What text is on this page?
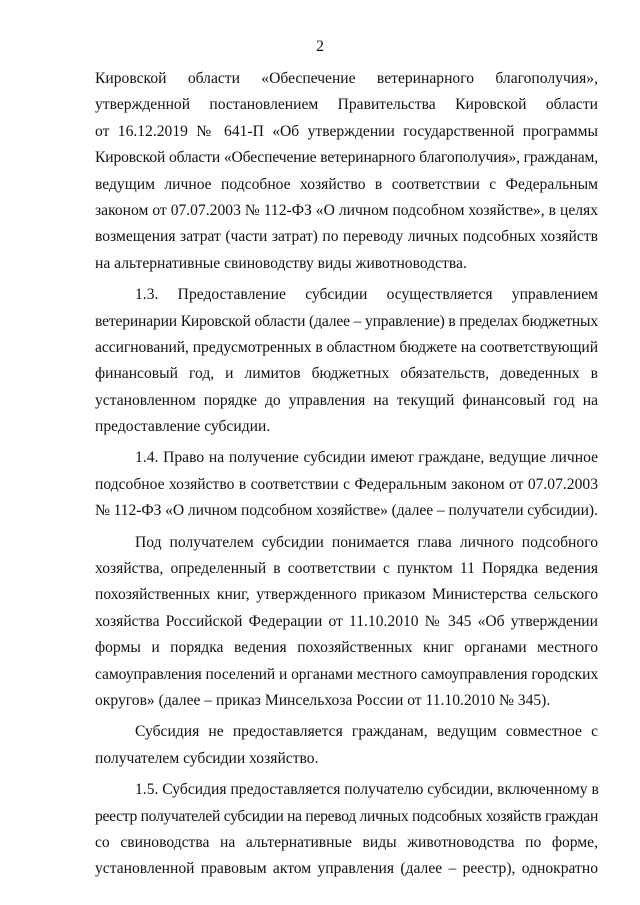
2
Кировской области «Обеспечение ветеринарного благополучия»,
утвержденной постановлением Правительства Кировской области
от 16.12.2019 № 641-П «Об утверждении государственной программы
Кировской области «Обеспечение ветеринарного благополучия», гражданам,
ведущим личное подсобное хозяйство в соответствии с Федеральным
законом от 07.07.2003 № 112-ФЗ «О личном подсобном хозяйстве», в целях
возмещения затрат (части затрат) по переводу личных подсобных хозяйств
на альтернативные свиноводству виды животноводства.
1.3. Предоставление субсидии осуществляется управлением
ветеринарии Кировской области (далее – управление) в пределах бюджетных
ассигнований, предусмотренных в областном бюджете на соответствующий
финансовый год, и лимитов бюджетных обязательств, доведенных в
установленном порядке до управления на текущий финансовый год на
предоставление субсидии.
1.4. Право на получение субсидии имеют граждане, ведущие личное
подсобное хозяйство в соответствии с Федеральным законом от 07.07.2003
№ 112-ФЗ «О личном подсобном хозяйстве» (далее – получатели субсидии).
Под получателем субсидии понимается глава личного подсобного
хозяйства, определенный в соответствии с пунктом 11 Порядка ведения
похозяйственных книг, утвержденного приказом Министерства сельского
хозяйства Российской Федерации от 11.10.2010 № 345 «Об утверждении
формы и порядка ведения похозяйственных книг органами местного
самоуправления поселений и органами местного самоуправления городских
округов» (далее – приказ Минсельхоза России от 11.10.2010 № 345).
Субсидия не предоставляется гражданам, ведущим совместное с
получателем субсидии хозяйство.
1.5. Субсидия предоставляется получателю субсидии, включенному в
реестр получателей субсидии на перевод личных подсобных хозяйств граждан
со свиноводства на альтернативные виды животноводства по форме,
установленной правовым актом управления (далее – реестр), однократно
